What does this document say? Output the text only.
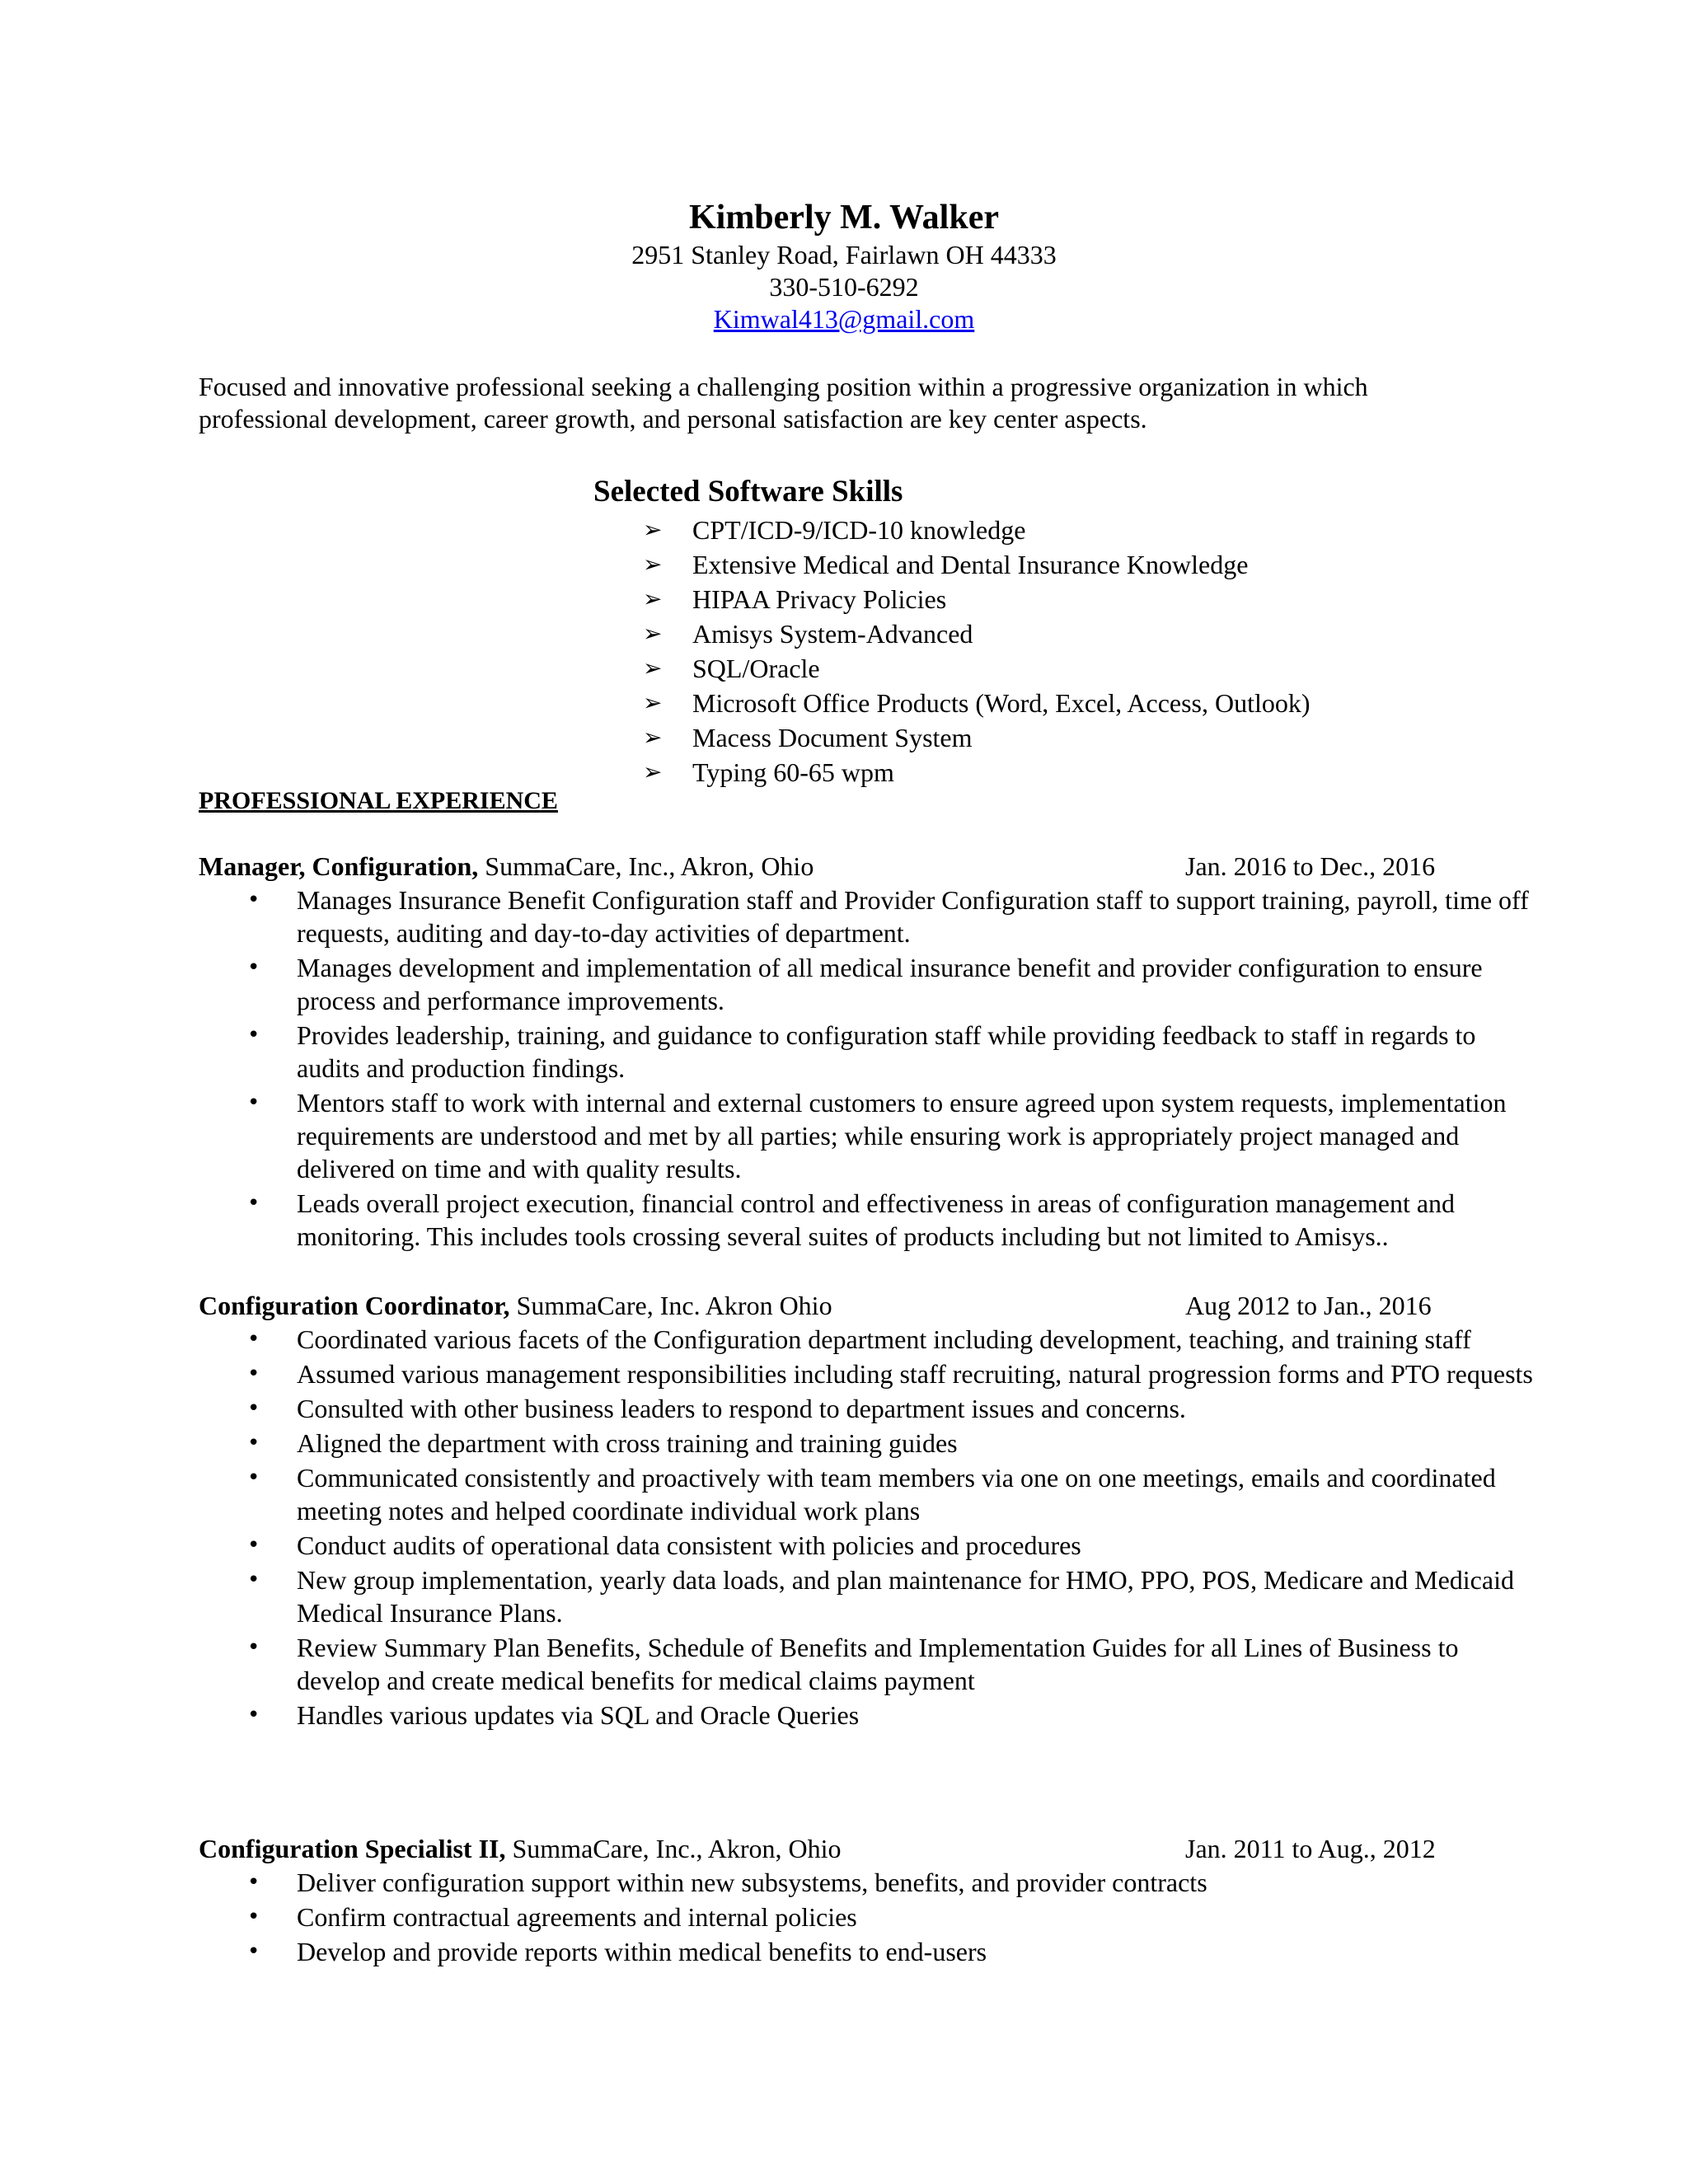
Kimberly M. Walker
2951 Stanley Road, Fairlawn OH 44333
330-510-6292
Kimwal413@gmail.com

Focused and innovative professional seeking a challenging position within a progressive organization in which

professional development, career growth, and personal satisfaction are key center aspects.

Selected Software Skills
➢ CPT/ICD-9/ICD-10 knowledge
➢ Extensive Medical and Dental Insurance Knowledge
➢ HIPAA Privacy Policies
➢ Amisys System-Advanced
➢ SQL/Oracle
➢ Microsoft Office Products (Word, Excel, Access, Outlook)
➢ Macess Document System
➢ Typing 60-65 wpm
PROFESSIONAL EXPERIENCE
Manager, Configuration, SummaCare, Inc., Akron, Ohio	Jan. 2016 to Dec., 2016
• Manages Insurance Benefit Configuration staff and Provider Configuration staff to support training, payroll, time off requests, auditing and day-to-day activities of department.
• Manages development and implementation of all medical insurance benefit and provider configuration to ensure process and performance improvements.
• Provides leadership, training, and guidance to configuration staff while providing feedback to staff in regards to audits and production findings.
• Mentors staff to work with internal and external customers to ensure agreed upon system requests, implementation requirements are understood and met by all parties; while ensuring work is appropriately project managed and delivered on time and with quality results.
• Leads overall project execution, financial control and effectiveness in areas of configuration management and monitoring. This includes tools crossing several suites of products including but not limited to Amisys..
Configuration Coordinator, SummaCare, Inc. Akron Ohio	Aug 2012 to Jan., 2016
• Coordinated various facets of the Configuration department including development, teaching, and training staff
• Assumed various management responsibilities including staff recruiting, natural progression forms and PTO requests
• Consulted with other business leaders to respond to department issues and concerns.
• Aligned the department with cross training and training guides
• Communicated consistently and proactively with team members via one on one meetings, emails and coordinated meeting notes and helped coordinate individual work plans
• Conduct audits of operational data consistent with policies and procedures
• New group implementation, yearly data loads, and plan maintenance for HMO, PPO, POS, Medicare and Medicaid Medical Insurance Plans.
• Review Summary Plan Benefits, Schedule of Benefits and Implementation Guides for all Lines of Business to develop and create medical benefits for medical claims payment
• Handles various updates via SQL and Oracle Queries
Configuration Specialist II, SummaCare, Inc., Akron, Ohio	Jan. 2011 to Aug., 2012
• Deliver configuration support within new subsystems, benefits, and provider contracts
• Confirm contractual agreements and internal policies
• Develop and provide reports within medical benefits to end-users
